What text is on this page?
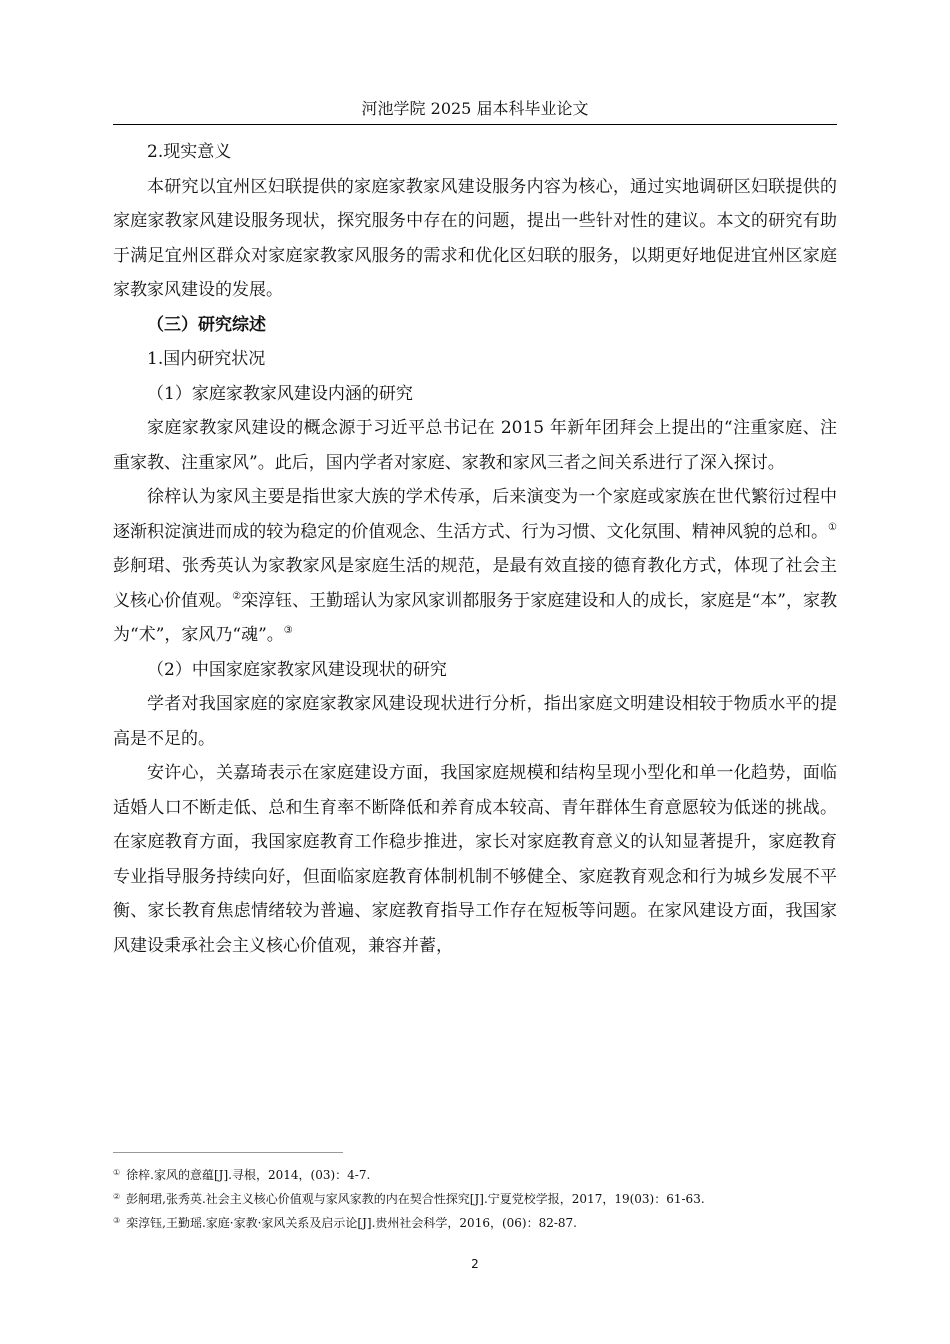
河池学院 2025 届本科毕业论文

2.现实意义

本研究以宜州区妇联提供的家庭家教家风建设服务内容为核心，通过实地调研区妇联提供的家庭家教家风建设服务现状，探究服务中存在的问题，提出一些针对性的建议。本文的研究有助于满足宜州区群众对家庭家教家风服务的需求和优化区妇联的服务，以期更好地促进宜州区家庭家教家风建设的发展。

（三）研究综述

1.国内研究状况

（1）家庭家教家风建设内涵的研究

家庭家教家风建设的概念源于习近平总书记在 2015 年新年团拜会上提出的“注重家庭、注重家教、注重家风”。此后，国内学者对家庭、家教和家风三者之间关系进行了深入探讨。

徐梓认为家风主要是指世家大族的学术传承，后来演变为一个家庭或家族在世代繁衍过程中逐渐积淀演进而成的较为稳定的价值观念、生活方式、行为习惯、文化氛围、精神风貌的总和。①彭舸珺、张秀英认为家教家风是家庭生活的规范，是最有效直接的德育教化方式，体现了社会主义核心价值观。②栾淳钰、王勤瑶认为家风家训都服务于家庭建设和人的成长，家庭是“本”，家教为“术”，家风乃“魂”。③

（2）中国家庭家教家风建设现状的研究

学者对我国家庭的家庭家教家风建设现状进行分析，指出家庭文明建设相较于物质水平的提高是不足的。

安许心，关嘉琦表示在家庭建设方面，我国家庭规模和结构呈现小型化和单一化趋势，面临适婚人口不断走低、总和生育率不断降低和养育成本较高、青年群体生育意愿较为低迷的挑战。在家庭教育方面，我国家庭教育工作稳步推进，家长对家庭教育意义的认知显著提升，家庭教育专业指导服务持续向好，但面临家庭教育体制机制不够健全、家庭教育观念和行为城乡发展不平衡、家长教育焦虑情绪较为普遍、家庭教育指导工作存在短板等问题。在家风建设方面，我国家风建设秉承社会主义核心价值观，兼容并蓄，

① 徐梓.家风的意蕴[J].寻根，2014，(03)：4-7.

② 彭舸珺,张秀英.社会主义核心价值观与家风家教的内在契合性探究[J].宁夏党校学报，2017，19(03)：61-63.

③ 栾淳钰,王勤瑶.家庭·家教·家风关系及启示论[J].贵州社会科学，2016，(06)：82-87.

2
